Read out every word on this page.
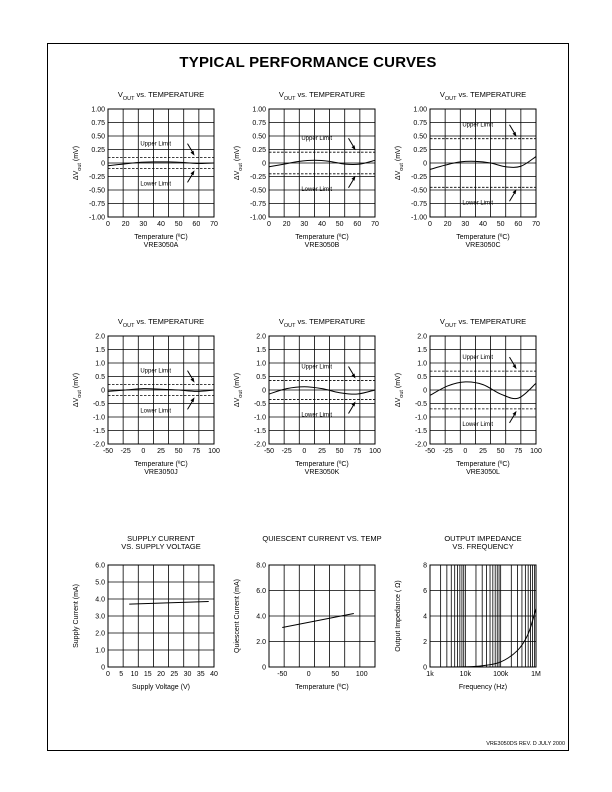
TYPICAL PERFORMANCE CURVES
$V_{OUT}$ vs. TEMPERATURE
1.00
0.75
0.50
0.25
0
-0.25
-0.50
-0.75
-1.00
0 20 30 40 50 60 70
Temperature (ºC)
VRE3050A
$\Delta V_{out}$ (mV)
Upper Limit
Lower Limit
$V_{OUT}$ vs. TEMPERATURE
1.00
0.75
0.50
0.25
0
-0.25
-0.50
-0.75
-1.00
0 20 30 40 50 60 70
Temperature (ºC)
VRE3050B
$\Delta V_{out}$ (mV)
Upper Limit
Lower Limit
$V_{OUT}$ vs. TEMPERATURE
1.00
0.75
0.50
0.25
0
-0.25
-0.50
-0.75
-1.00
0 20 30 40 50 60 70
Temperature (ºC)
VRE3050C
$\Delta V_{out}$ (mV)
Upper Limit
Lower Limit
$V_{OUT}$ vs. TEMPERATURE
2.0
1.5
1.0
0.5
0
-0.5
-1.0
-1.5
-2.0
-50 -25 0 25 50 75 100
Temperature (ºC)
VRE3050J
$\Delta V_{out}$ (mV)
Upper Limit
Lower Limit
$V_{OUT}$ vs. TEMPERATURE
2.0
1.5
1.0
0.5
0
-0.5
-1.0
-1.5
-2.0
-50 -25 0 25 50 75 100
Temperature (ºC)
VRE3050K
$\Delta V_{out}$ (mV)
Upper Limit
Lower Limit
$V_{OUT}$ vs. TEMPERATURE
2.0
1.5
1.0
0.5
0
-0.5
-1.0
-1.5
-2.0
-50 -25 0 25 50 75 100
Temperature (ºC)
VRE3050L
$\Delta V_{out}$ (mV)
Upper Limit
Lower Limit
SUPPLY CURRENT
VS. SUPPLY VOLTAGE
6.0
5.0
4.0
3.0
2.0
1.0
0
0 5 10 15 20 25 30 35 40
Supply Voltage (V)
Supply Current (mA)
QUIESCENT CURRENT VS. TEMP
8.0
6.0
4.0
2.0
0
-50	0	50 100
Temperature (ºC)
Quiescent Current (mA)
OUTPUT IMPEDANCE
VS. FREQUENCY
8
6
4
2
0
1k	10k	100k	1M
Frequency (Hz)
Output Impedance ( Ω)
VRE3050DS REV. D JULY 2000
